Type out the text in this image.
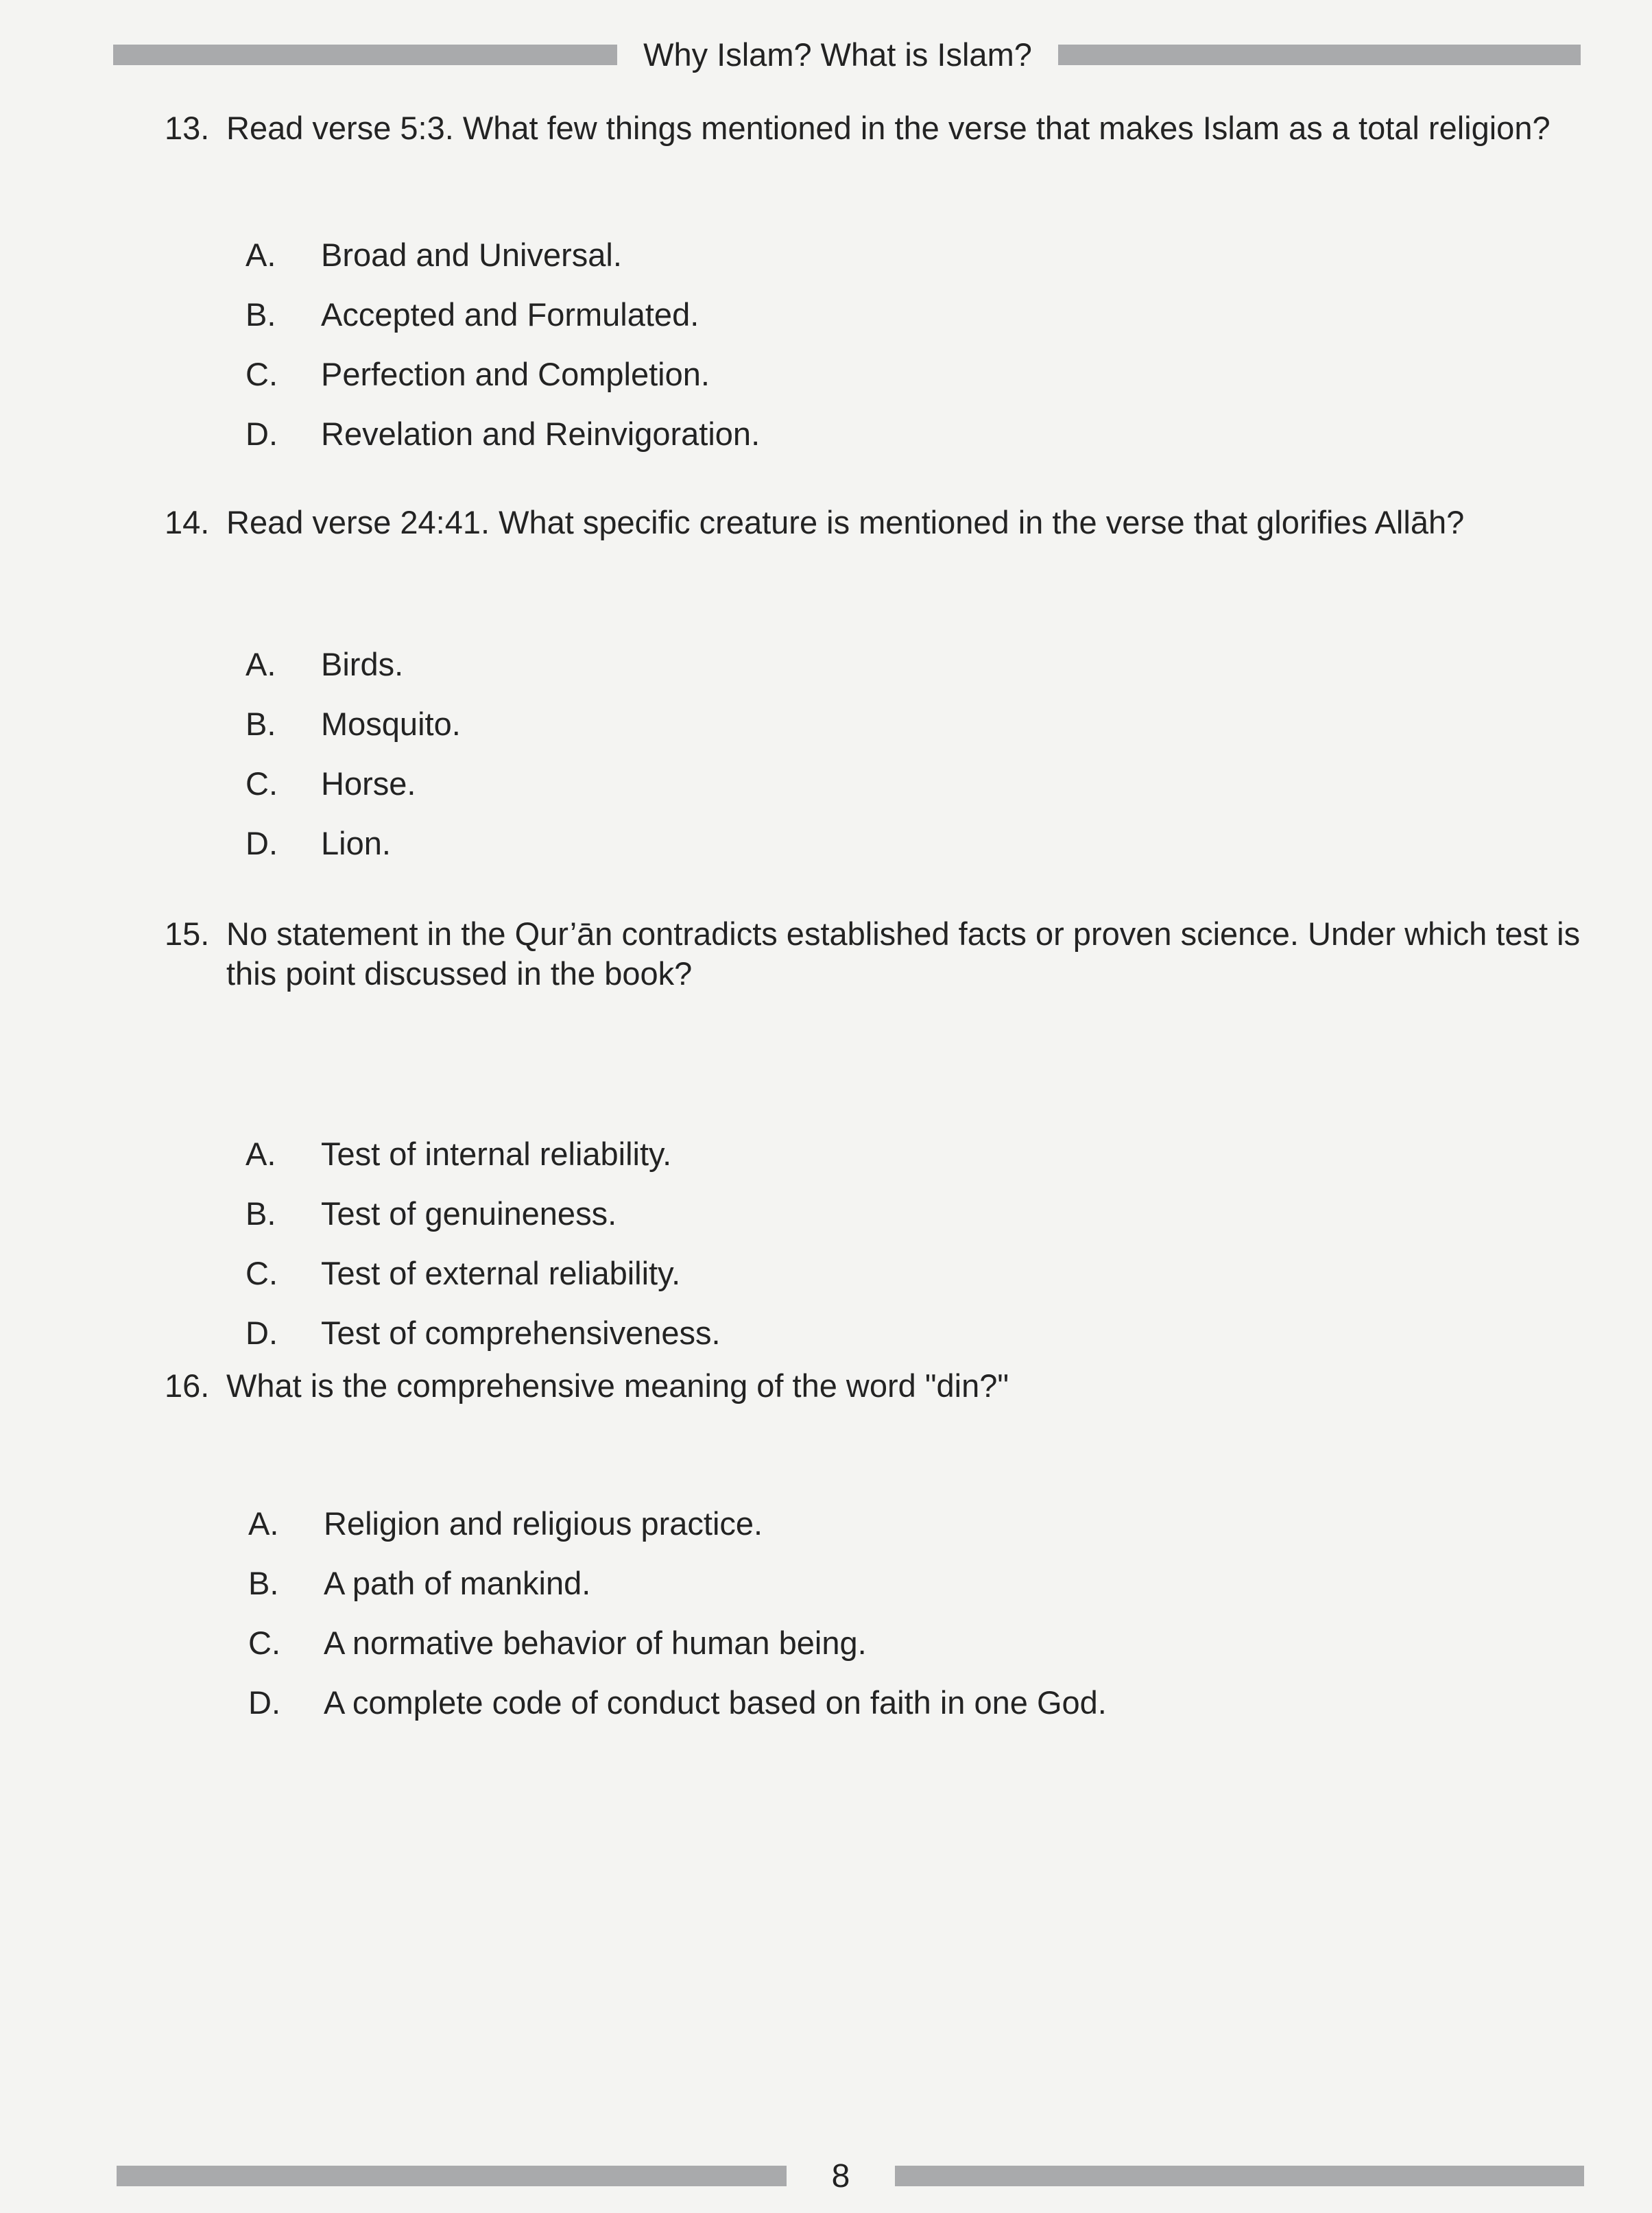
Why Islam? What is Islam?

13. Read verse 5:3. What few things mentioned in the verse that makes Islam as a total religion?

A. Broad and Universal.
B. Accepted and Formulated.
C. Perfection and Completion.
D. Revelation and Reinvigoration.

14. Read verse 24:41. What specific creature is mentioned in the verse that glorifies Allāh?

A. Birds.
B. Mosquito.
C. Horse.
D. Lion.

15. No statement in the Qur’ān contradicts established facts or proven science. Under which test is this point discussed in the book?

A. Test of internal reliability.
B. Test of genuineness.
C. Test of external reliability.
D. Test of comprehensiveness.

16. What is the comprehensive meaning of the word "din?"

A. Religion and religious practice.
B. A path of mankind.
C. A normative behavior of human being.
D. A complete code of conduct based on faith in one God.
8
